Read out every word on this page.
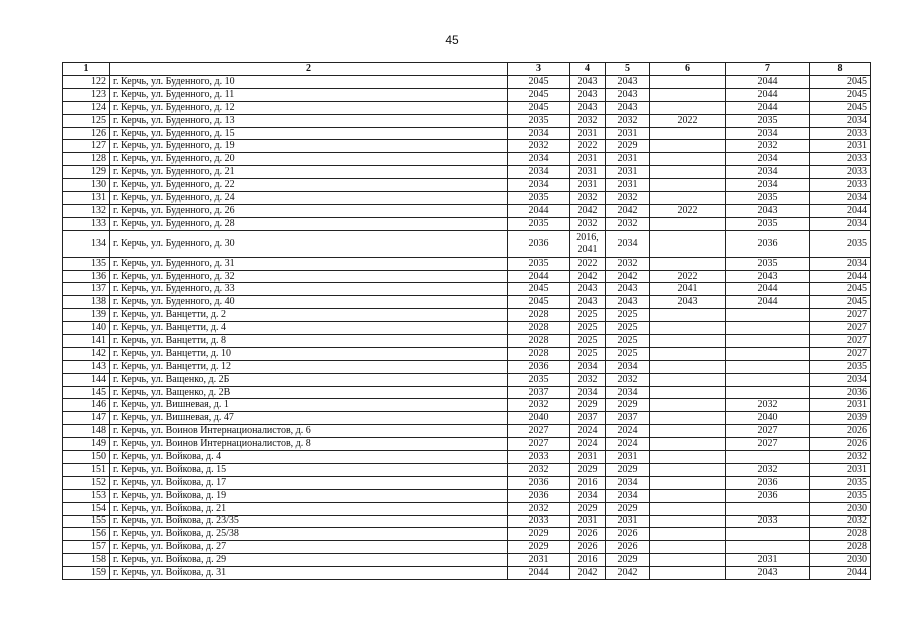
45
1	2	3	4	5	6	7	8
122	г. Керчь, ул. Буденного, д. 10	2045	2043	2043		2044	2045
123	г. Керчь, ул. Буденного, д. 11	2045	2043	2043		2044	2045
124	г. Керчь, ул. Буденного, д. 12	2045	2043	2043		2044	2045
125	г. Керчь, ул. Буденного, д. 13	2035	2032	2032	2022	2035	2034
126	г. Керчь, ул. Буденного, д. 15	2034	2031	2031		2034	2033
127	г. Керчь, ул. Буденного, д. 19	2032	2022	2029		2032	2031
128	г. Керчь, ул. Буденного, д. 20	2034	2031	2031		2034	2033
129	г. Керчь, ул. Буденного, д. 21	2034	2031	2031		2034	2033
130	г. Керчь, ул. Буденного, д. 22	2034	2031	2031		2034	2033
131	г. Керчь, ул. Буденного, д. 24	2035	2032	2032		2035	2034
132	г. Керчь, ул. Буденного, д. 26	2044	2042	2042	2022	2043	2044
133	г. Керчь, ул. Буденного, д. 28	2035	2032	2032		2035	2034
134	г. Керчь, ул. Буденного, д. 30	2036	2016,
2041	2034		2036	2035
135	г. Керчь, ул. Буденного, д. 31	2035	2022	2032		2035	2034
136	г. Керчь, ул. Буденного, д. 32	2044	2042	2042	2022	2043	2044
137	г. Керчь, ул. Буденного, д. 33	2045	2043	2043	2041	2044	2045
138	г. Керчь, ул. Буденного, д. 40	2045	2043	2043	2043	2044	2045
139	г. Керчь, ул. Ванцетти, д. 2	2028	2025	2025			2027
140	г. Керчь, ул. Ванцетти, д. 4	2028	2025	2025			2027
141	г. Керчь, ул. Ванцетти, д. 8	2028	2025	2025			2027
142	г. Керчь, ул. Ванцетти, д. 10	2028	2025	2025			2027
143	г. Керчь, ул. Ванцетти, д. 12	2036	2034	2034			2035
144	г. Керчь, ул. Ващенко, д. 2Б	2035	2032	2032			2034
145	г. Керчь, ул. Ващенко, д. 2В	2037	2034	2034			2036
146	г. Керчь, ул. Вишневая, д. 1	2032	2029	2029		2032	2031
147	г. Керчь, ул. Вишневая, д. 47	2040	2037	2037		2040	2039
148	г. Керчь, ул. Воинов Интернационалистов, д. 6	2027	2024	2024		2027	2026
149	г. Керчь, ул. Воинов Интернационалистов, д. 8	2027	2024	2024		2027	2026
150	г. Керчь, ул. Войкова, д. 4	2033	2031	2031			2032
151	г. Керчь, ул. Войкова, д. 15	2032	2029	2029		2032	2031
152	г. Керчь, ул. Войкова, д. 17	2036	2016	2034		2036	2035
153	г. Керчь, ул. Войкова, д. 19	2036	2034	2034		2036	2035
154	г. Керчь, ул. Войкова, д. 21	2032	2029	2029			2030
155	г. Керчь, ул. Войкова, д. 23/35	2033	2031	2031		2033	2032
156	г. Керчь, ул. Войкова, д. 25/38	2029	2026	2026			2028
157	г. Керчь, ул. Войкова, д. 27	2029	2026	2026			2028
158	г. Керчь, ул. Войкова, д. 29	2031	2016	2029		2031	2030
159	г. Керчь, ул. Войкова, д. 31	2044	2042	2042		2043	2044
